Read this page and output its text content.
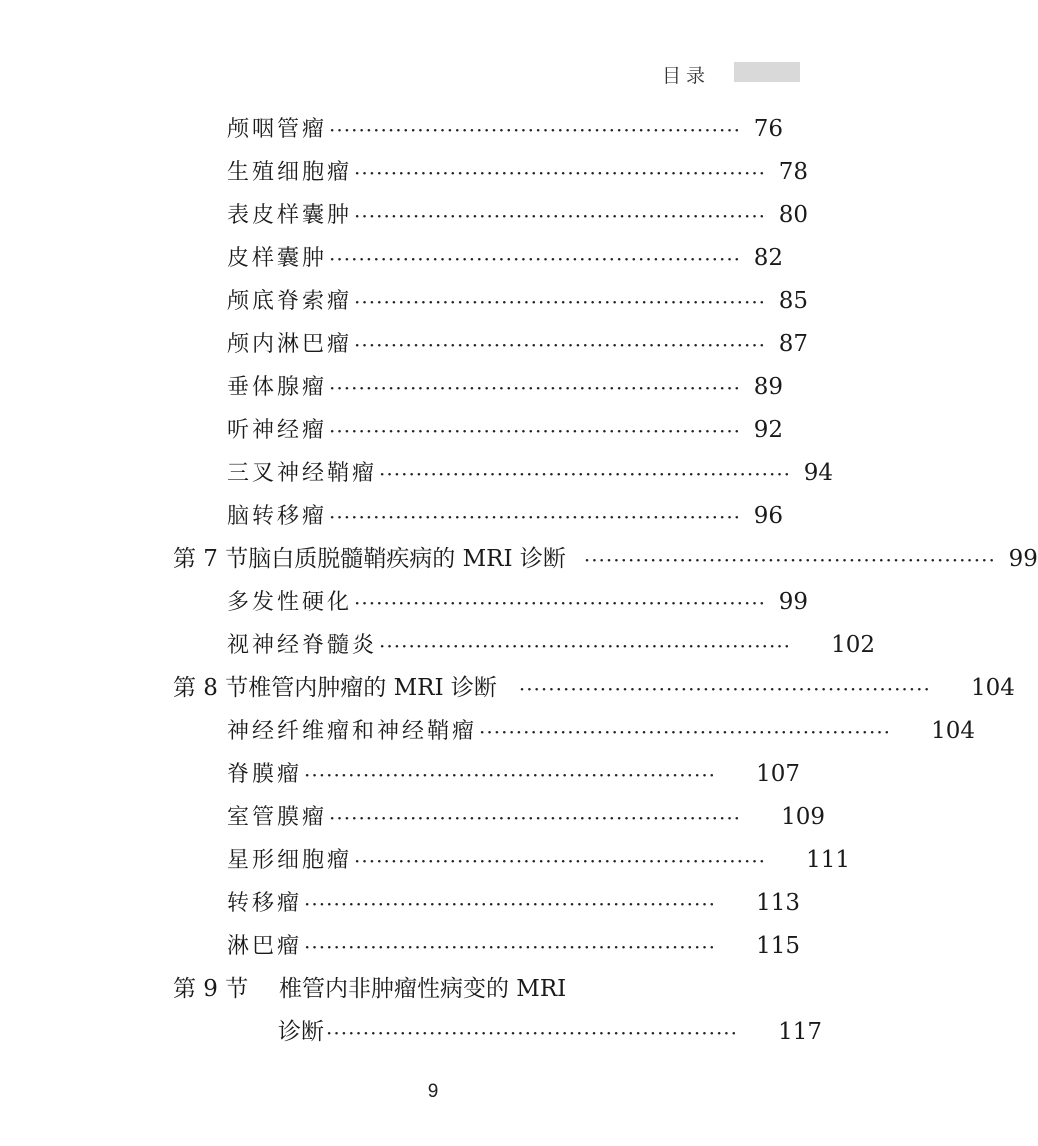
目录
颅咽管瘤 ························································ 76
生殖细胞瘤 ························································ 78
表皮样囊肿 ························································ 80
皮样囊肿 ························································ 82
颅底脊索瘤 ························································ 85
颅内淋巴瘤 ························································ 87
垂体腺瘤 ························································ 89
听神经瘤 ························································ 92
三叉神经鞘瘤 ························································ 94
脑转移瘤 ························································ 96
第 7 节 脑白质脱髓鞘疾病的 MRI 诊断 ························································ 99
多发性硬化 ························································ 99
视神经脊髓炎 ························································	102
第 8 节 椎管内肿瘤的 MRI 诊断 ························································	104
神经纤维瘤和神经鞘瘤 ························································	104
脊膜瘤 ························································	107
室管膜瘤 ························································	109
星形细胞瘤 ························································	111
转移瘤 ························································	113
淋巴瘤 ························································	115
第 9 节	椎管内非肿瘤性病变的 MRI
诊断 ························································	117
9
